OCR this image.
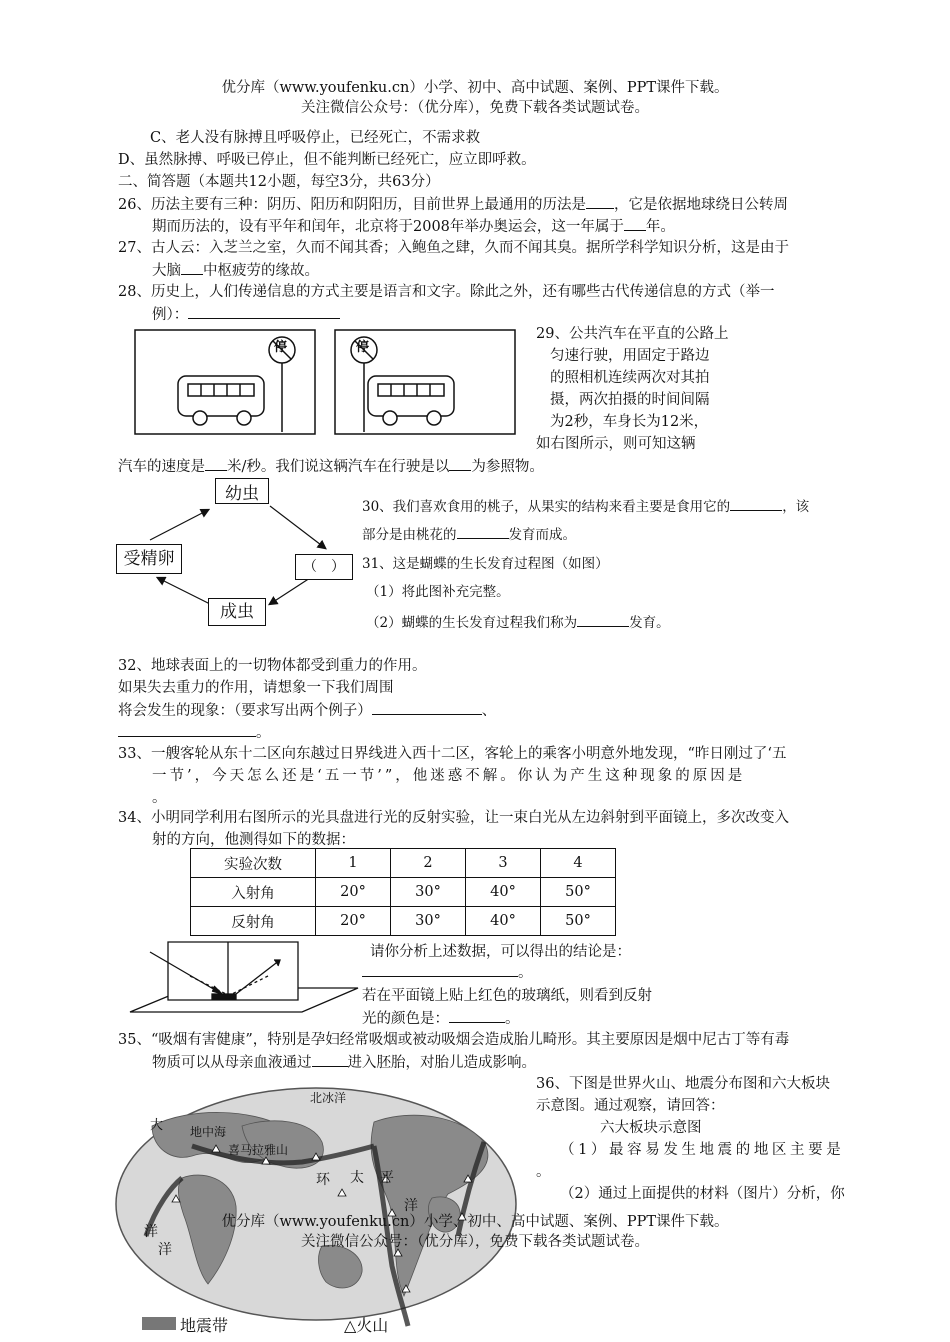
优分库（www.youfenku.cn）小学、初中、高中试题、案例、PPT课件下载。
关注微信公众号：（优分库），免费下载各类试题试卷。
C、老人没有脉搏且呼吸停止，已经死亡，不需求救
D、虽然脉搏、呼吸已停止，但不能判断已经死亡，应立即呼救。
二、简答题（本题共12小题，每空3分，共63分）
26、历法主要有三种：阴历、阳历和阴阳历，目前世界上最通用的历法是 ，它是依据地球绕日公转周
期而历法的，设有平年和闰年，北京将于2008年举办奥运会，这一年属于 年。
27、古人云：入芝兰之室，久而不闻其香；入鲍鱼之肆，久而不闻其臭。据所学科学知识分析，这是由于
大脑 中枢疲劳的缘故。
28、历史上，人们传递信息的方式主要是语言和文字。除此之外，还有哪些古代传递信息的方式（举一
例）：
停	停
29、公共汽车在平直的公路上
匀速行驶，用固定于路边
的照相机连续两次对其拍
摄，两次拍摄的时间间隔
为2秒，车身长为12米，
如右图所示，则可知这辆
汽车的速度是 米/秒。我们说这辆汽车在行驶是以 为参照物。
幼虫
受精卵	（　）
成虫
30、我们喜欢食用的桃子，从果实的结构来看主要是食用它的	，该
部分是由桃花的	发育而成。
31、这是蝴蝶的生长发育过程图（如图）
（1）将此图补充完整。
（2）蝴蝶的生长发育过程我们称为	发育。
32、地球表面上的一切物体都受到重力的作用。
如果失去重力的作用，请想象一下我们周围
将会发生的现象：（要求写出两个例子）	、
。
33、一艘客轮从东十二区向东越过日界线进入西十二区，客轮上的乘客小明意外地发现，“昨日刚过了‘五
一节’，今天怎么还是‘五一节’”，他迷惑不解。你认为产生这种现象的原因是
。
34、小明同学利用右图所示的光具盘进行光的反射实验，让一束白光从左边斜射到平面镜上，多次改变入
射的方向，他测得如下的数据：
实验次数	1	2	3	4
入射角	20°	30°	40°	50°
反射角	20°	30°	40°	50°
请你分析上述数据，可以得出的结论是：
。
若在平面镜上贴上红色的玻璃纸，则看到反射
光的颜色是：	。
35、“吸烟有害健康”，特别是孕妇经常吸烟或被动吸烟会造成胎儿畸形。其主要原因是烟中尼古丁等有毒
物质可以从母亲血液通过 进入胚胎，对胎儿造成影响。
北冰洋
大 地中海
喜马拉雅山
环 太 平
洋
洋
洋
地震带	△火山
36、下图是世界火山、地震分布图和六大板块
示意图。通过观察，请回答：
六大板块示意图
（1）最容易发生地震的地区主要是
。
（2）通过上面提供的材料（图片）分析，你
优分库（www.youfenku.cn）小学、初中、高中试题、案例、PPT课件下载。
关注微信公众号：（优分库），免费下载各类试题试卷。
